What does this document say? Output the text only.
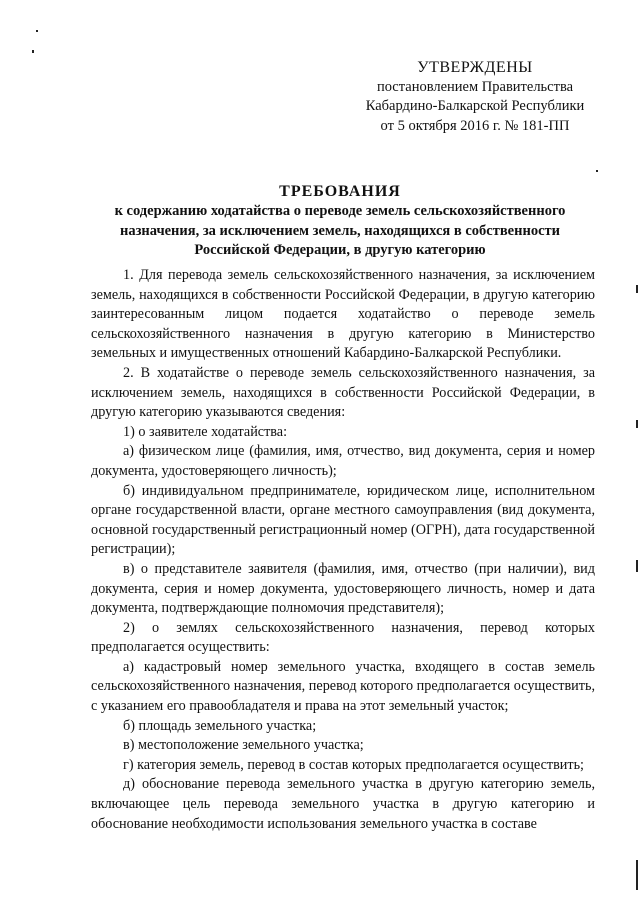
УТВЕРЖДЕНЫ
постановлением Правительства
Кабардино-Балкарской Республики
от 5 октября 2016 г. № 181-ПП
ТРЕБОВАНИЯ
к содержанию ходатайства о переводе земель сельскохозяйственного
назначения, за исключением земель, находящихся в собственности
Российской Федерации, в другую категорию

1. Для перевода земель сельскохозяйственного назначения, за исключением земель, находящихся в собственности Российской Федерации, в другую категорию заинтересованным лицом подается ходатайство о переводе земель сельскохозяйственного назначения в другую категорию в Министерство земельных и имущественных отношений Кабардино-Балкарской Республики.

2. В ходатайстве о переводе земель сельскохозяйственного назначения, за исключением земель, находящихся в собственности Российской Федерации, в другую категорию указываются сведения:

1) о заявителе ходатайства:

а) физическом лице (фамилия, имя, отчество, вид документа, серия и номер документа, удостоверяющего личность);

б) индивидуальном предпринимателе, юридическом лице, исполнительном органе государственной власти, органе местного самоуправления (вид документа, основной государственный регистрационный номер (ОГРН), дата государственной регистрации);

в) о представителе заявителя (фамилия, имя, отчество (при наличии), вид документа, серия и номер документа, удостоверяющего личность, номер и дата документа, подтверждающие полномочия представителя);

2) о землях сельскохозяйственного назначения, перевод которых предполагается осуществить:

а) кадастровый номер земельного участка, входящего в состав земель сельскохозяйственного назначения, перевод которого предполагается осуществить, с указанием его правообладателя и права на этот земельный участок;

б) площадь земельного участка;

в) местоположение земельного участка;

г) категория земель, перевод в состав которых предполагается осуществить;

д) обоснование перевода земельного участка в другую категорию земель, включающее цель перевода земельного участка в другую категорию и обоснование необходимости использования земельного участка в составе
